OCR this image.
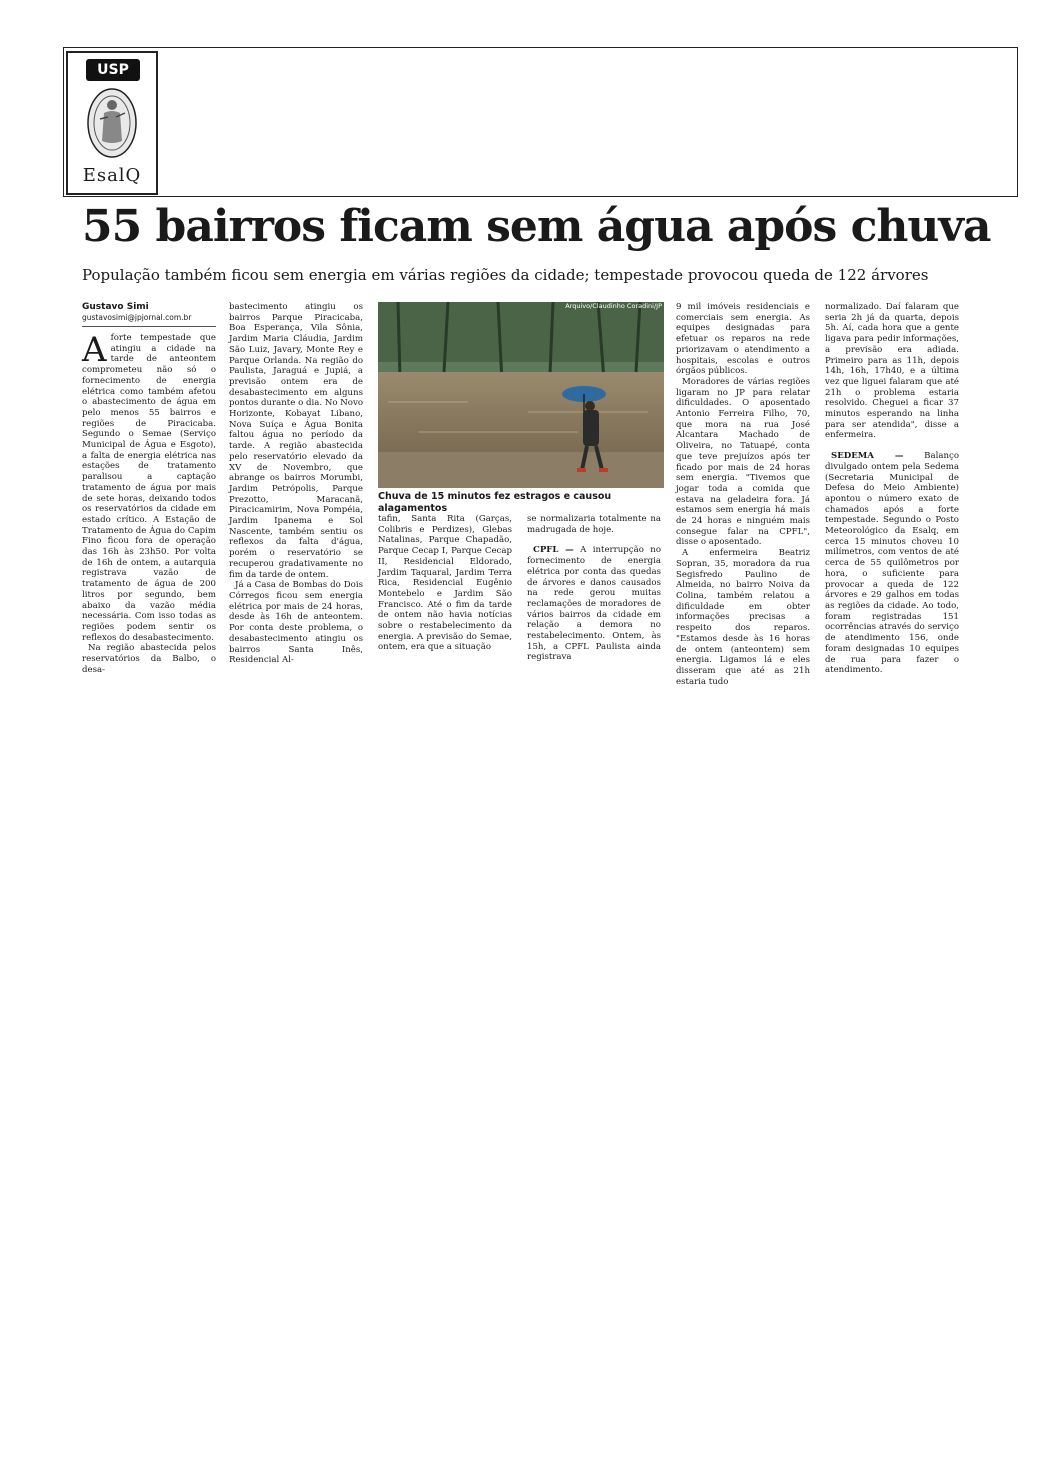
USP
EsalQ
55 bairros ficam sem água após chuva
População também ficou sem energia em várias regiões da cidade; tempestade provocou queda de 122 árvores
Gustavo Simi
gustavosimi@jpjornal.com.br

Aforte tempestade que atingiu a cidade na tarde de anteontem comprometeu não só o fornecimento de energia elétrica como também afetou o abastecimento de água em pelo menos 55 bairros e regiões de Piracicaba. Segundo o Semae (Serviço Municipal de Água e Esgoto), a falta de energia elétrica nas estações de tratamento paralisou a captação tratamento de água por mais de sete horas, deixando todos os reservatórios da cidade em estado crítico. A Estação de Tratamento de Água do Capim Fino ficou fora de operação das 16h às 23h50. Por volta de 16h de ontem, a autarquia registrava vazão de tratamento de água de 200 litros por segundo, bem abaixo da vazão média necessária. Com isso todas as regiões podem sentir os reflexos do desabastecimento.

Na região abastecida pelos reservatórios da Balbo, o desa-

bastecimento atingiu os bairros Parque Piracicaba, Boa Esperança, Vila Sônia, Jardim Maria Cláudia, Jardim São Luiz, Javary, Monte Rey e Parque Orlanda. Na região do Paulista, Jaraguá e Jupiá, a previsão ontem era de desabastecimento em alguns pontos durante o dia. No Novo Horizonte, Kobayat Libano, Nova Suíça e Água Bonita faltou água no período da tarde. A região abastecida pelo reservatório elevado da XV de Novembro, que abrange os bairros Morumbi, Jardim Petrópolis, Parque Prezotto, Maracanã, Piracicamirim, Nova Pompéia, Jardim Ipanema e Sol Nascente, também sentiu os reflexos da falta d'água, porém o reservatório se recuperou gradativamente no fim da tarde de ontem.

Já a Casa de Bombas do Dois Córregos ficou sem energia elétrica por mais de 24 horas, desde às 16h de anteontem. Por conta deste problema, o desabastecimento atingiu os bairros Santa Inês, Residencial Al-

Arquivo/Claudinho Coradini/JP
Chuva de 15 minutos fez estragos e causou alagamentos

tafin, Santa Rita (Garças, Colibris e Perdizes), Glebas Natalinas, Parque Chapadão, Parque Cecap I, Parque Cecap II, Residencial Eldorado, Jardim Taquaral, Jardim Terra Rica, Residencial Eugênio Montebelo e Jardim São Francisco. Até o fim da tarde de ontem não havia notícias sobre o restabelecimento da energia. A previsão do Semae, ontem, era que a situação

se normalizaria totalmente na madrugada de hoje.

CPFL — A interrupção no fornecimento de energia elétrica por conta das quedas de árvores e danos causados na rede gerou muitas reclamações de moradores de vários bairros da cidade em relação a demora no restabelecimento. Ontem, às 15h, a CPFL Paulista ainda registrava

9 mil imóveis residenciais e comerciais sem energia. As equipes designadas para efetuar os reparos na rede priorizavam o atendimento a hospitais, escolas e outros órgãos públicos.

Moradores de várias regiões ligaram no JP para relatar dificuldades. O aposentado Antonio Ferreira Filho, 70, que mora na rua José Alcantara Machado de Oliveira, no Tatuapé, conta que teve prejuízos após ter ficado por mais de 24 horas sem energia. "Tivemos que jogar toda a comida que estava na geladeira fora. Já estamos sem energia há mais de 24 horas e ninguém mais consegue falar na CPFL", disse o aposentado.

A enfermeira Beatriz Sopran, 35, moradora da rua Segisfredo Paulino de Almeida, no bairro Noiva da Colina, também relatou a dificuldade em obter informações precisas a respeito dos reparos. "Estamos desde às 16 horas de ontem (anteontem) sem energia. Ligamos lá e eles disseram que até as 21h estaria tudo

normalizado. Daí falaram que seria 2h já da quarta, depois 5h. Aí, cada hora que a gente ligava para pedir informações, a previsão era adiada. Primeiro para as 11h, depois 14h, 16h, 17h40, e a última vez que liguei falaram que até 21h o problema estaria resolvido. Cheguei a ficar 37 minutos esperando na linha para ser atendida", disse a enfermeira.

SEDEMA — Balanço divulgado ontem pela Sedema (Secretaria Municipal de Defesa do Meio Ambiente) apontou o número exato de chamados após a forte tempestade. Segundo o Posto Meteorológico da Esalq, em cerca 15 minutos choveu 10 milímetros, com ventos de até cerca de 55 quilômetros por hora, o suficiente para provocar a queda de 122 árvores e 29 galhos em todas as regiões da cidade. Ao todo, foram registradas 151 ocorrências através do serviço de atendimento 156, onde foram designadas 10 equipes de rua para fazer o atendimento.
